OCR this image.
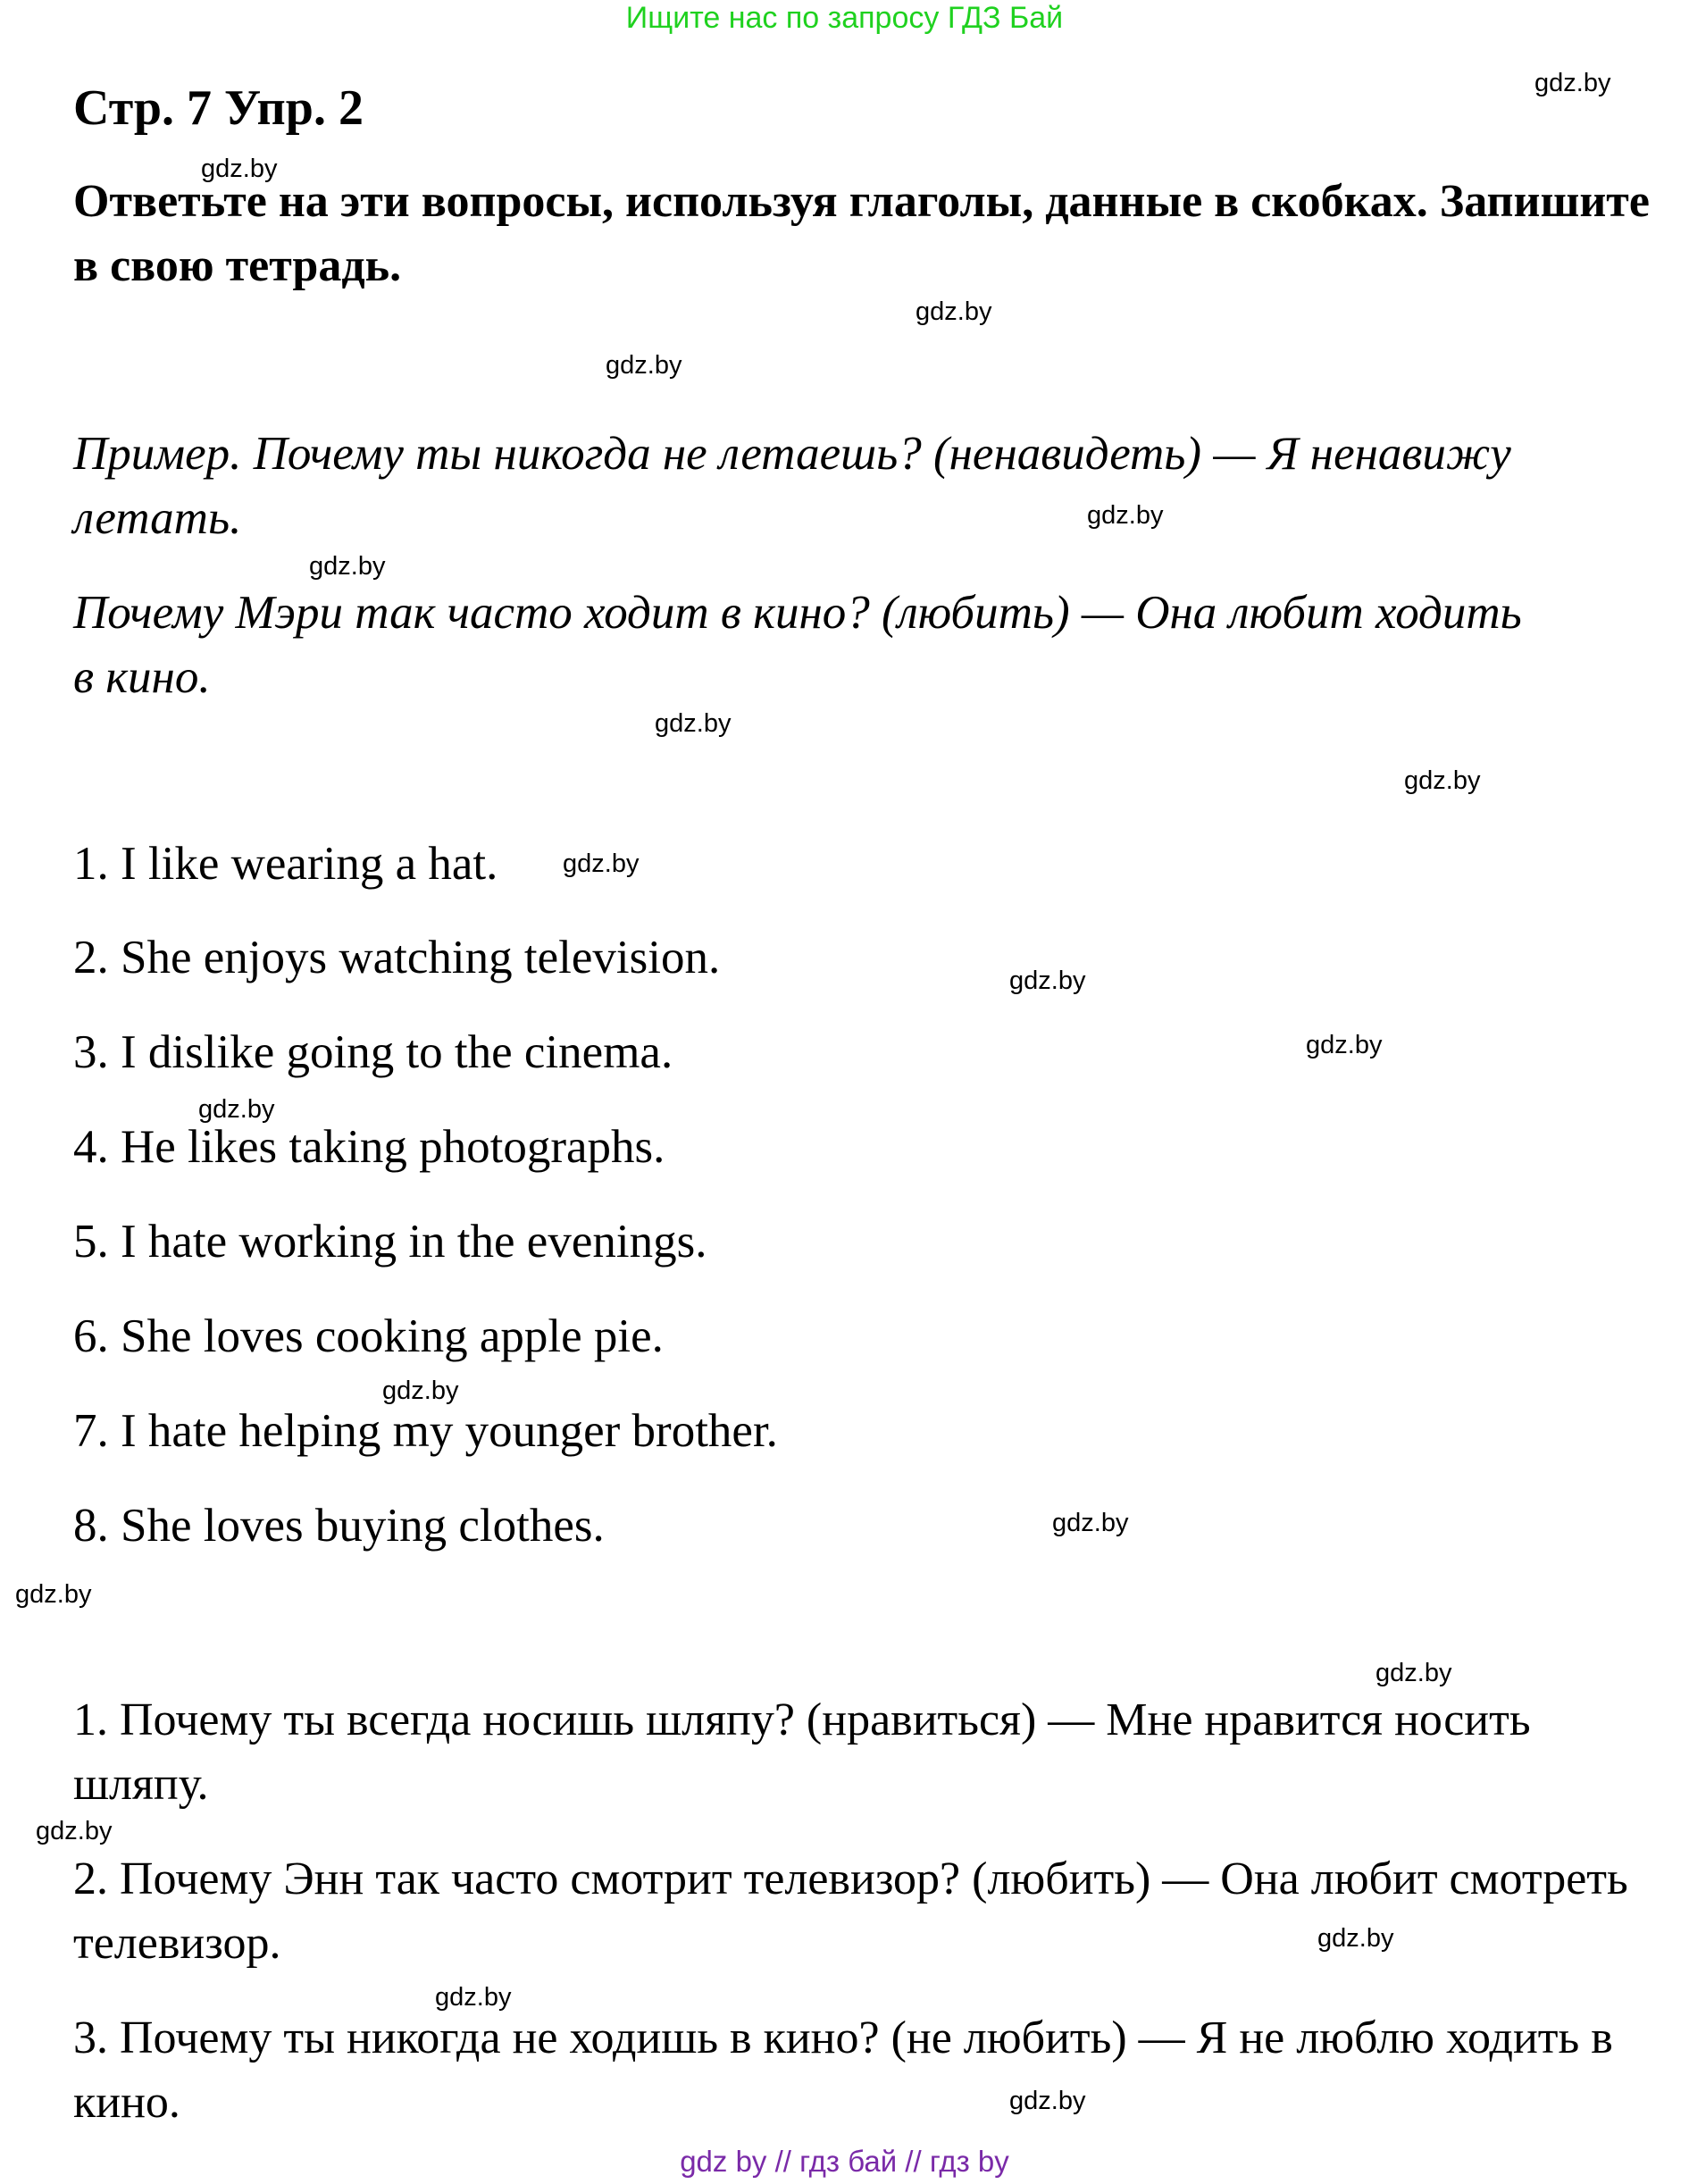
Ищите нас по запросу ГДЗ Бай
Стр. 7 Упр. 2
Ответьте на эти вопросы, используя глаголы, данные в скобках. Запишите в свою тетрадь.
Пример. Почему ты никогда не летаешь? (ненавидеть) — Я ненавижу летать.
Почему Мэри так часто ходит в кино? (любить) — Она любит ходить в кино.
1. I like wearing a hat.
2. She enjoys watching television.
3. I dislike going to the cinema.
4. He likes taking photographs.
5. I hate working in the evenings.
6. She loves cooking apple pie.
7. I hate helping my younger brother.
8. She loves buying clothes.
1. Почему ты всегда носишь шляпу? (нравиться) — Мне нравится носить шляпу.
2. Почему Энн так часто смотрит телевизор? (любить) — Она любит смотреть телевизор.
3. Почему ты никогда не ходишь в кино? (не любить) — Я не люблю ходить в кино.
gdz.by
gdz.by
gdz.by
gdz.by
gdz.by
gdz.by
gdz.by
gdz.by
gdz.by
gdz.by
gdz.by
gdz.by
gdz.by
gdz.by
gdz.by
gdz.by
gdz.by
gdz.by
gdz.by
gdz.by
gdz by // гдз бай // гдз by
